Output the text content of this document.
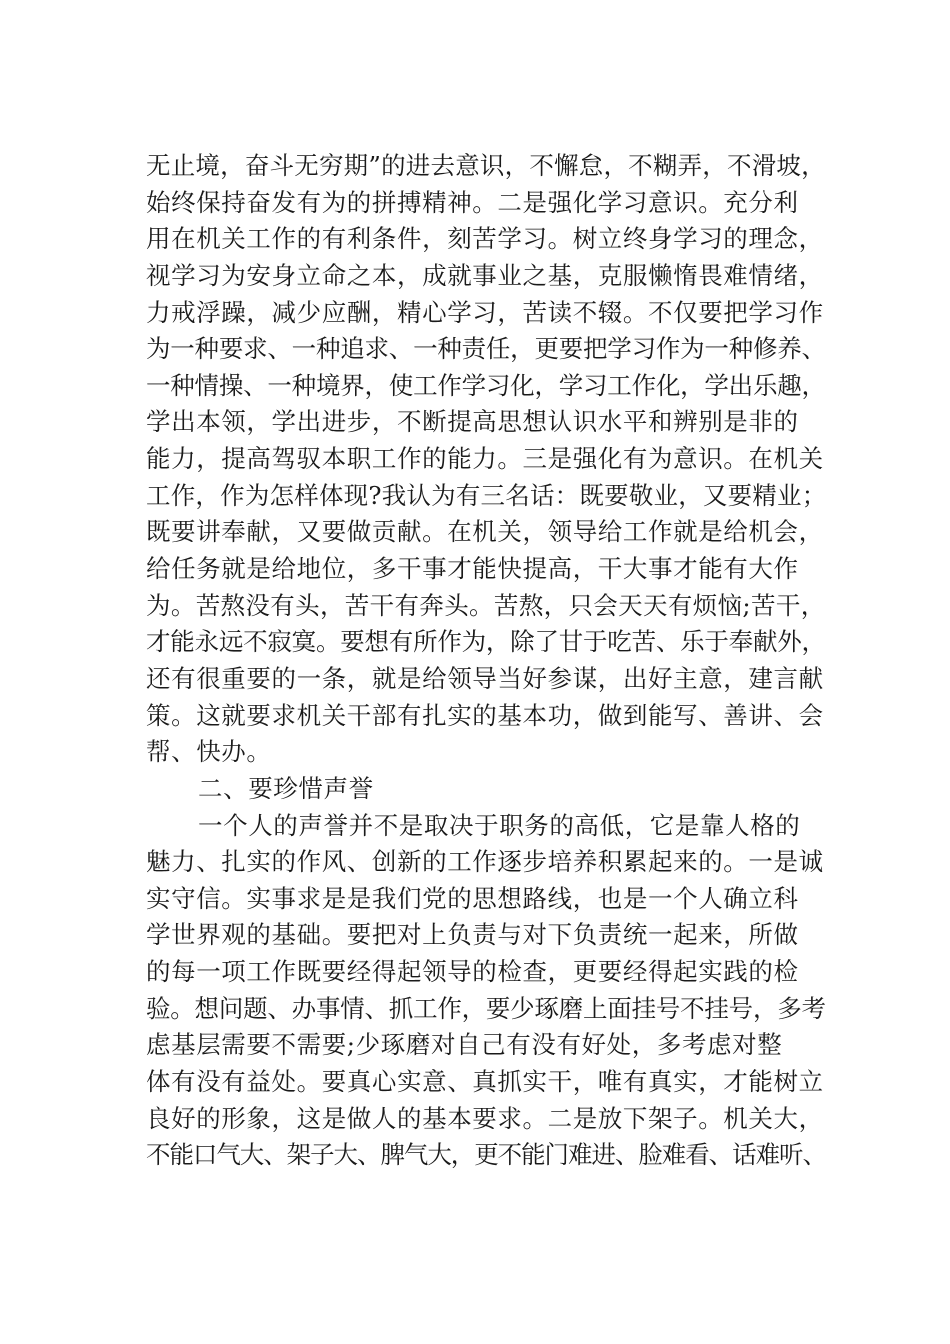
无止境，奋斗无穷期”的进去意识，不懈怠，不糊弄，不滑坡，
始终保持奋发有为的拼搏精神。二是强化学习意识。充分利
用在机关工作的有利条件，刻苦学习。树立终身学习的理念，
视学习为安身立命之本，成就事业之基，克服懒惰畏难情绪，
力戒浮躁，减少应酬，精心学习，苦读不辍。不仅要把学习作
为一种要求、一种追求、一种责任，更要把学习作为一种修养、
一种情操、一种境界，使工作学习化，学习工作化，学出乐趣，
学出本领，学出进步，不断提高思想认识水平和辨别是非的
能力，提高驾驭本职工作的能力。三是强化有为意识。在机关
工作，作为怎样体现?我认为有三名话：既要敬业，又要精业；
既要讲奉献，又要做贡献。在机关，领导给工作就是给机会，
给任务就是给地位，多干事才能快提高，干大事才能有大作
为。苦熬没有头，苦干有奔头。苦熬，只会天天有烦恼;苦干，
才能永远不寂寞。要想有所作为，除了甘于吃苦、乐于奉献外，
还有很重要的一条，就是给领导当好参谋，出好主意，建言献
策。这就要求机关干部有扎实的基本功，做到能写、善讲、会
帮、快办。
二、要珍惜声誉
一个人的声誉并不是取决于职务的高低，它是靠人格的
魅力、扎实的作风、创新的工作逐步培养积累起来的。一是诚
实守信。实事求是是我们党的思想路线，也是一个人确立科
学世界观的基础。要把对上负责与对下负责统一起来，所做
的每一项工作既要经得起领导的检查，更要经得起实践的检
验。想问题、办事情、抓工作，要少琢磨上面挂号不挂号，多考
虑基层需要不需要;少琢磨对自己有没有好处，多考虑对整
体有没有益处。要真心实意、真抓实干，唯有真实，才能树立
良好的形象，这是做人的基本要求。二是放下架子。机关大，
不能口气大、架子大、脾气大，更不能门难进、脸难看、话难听、
